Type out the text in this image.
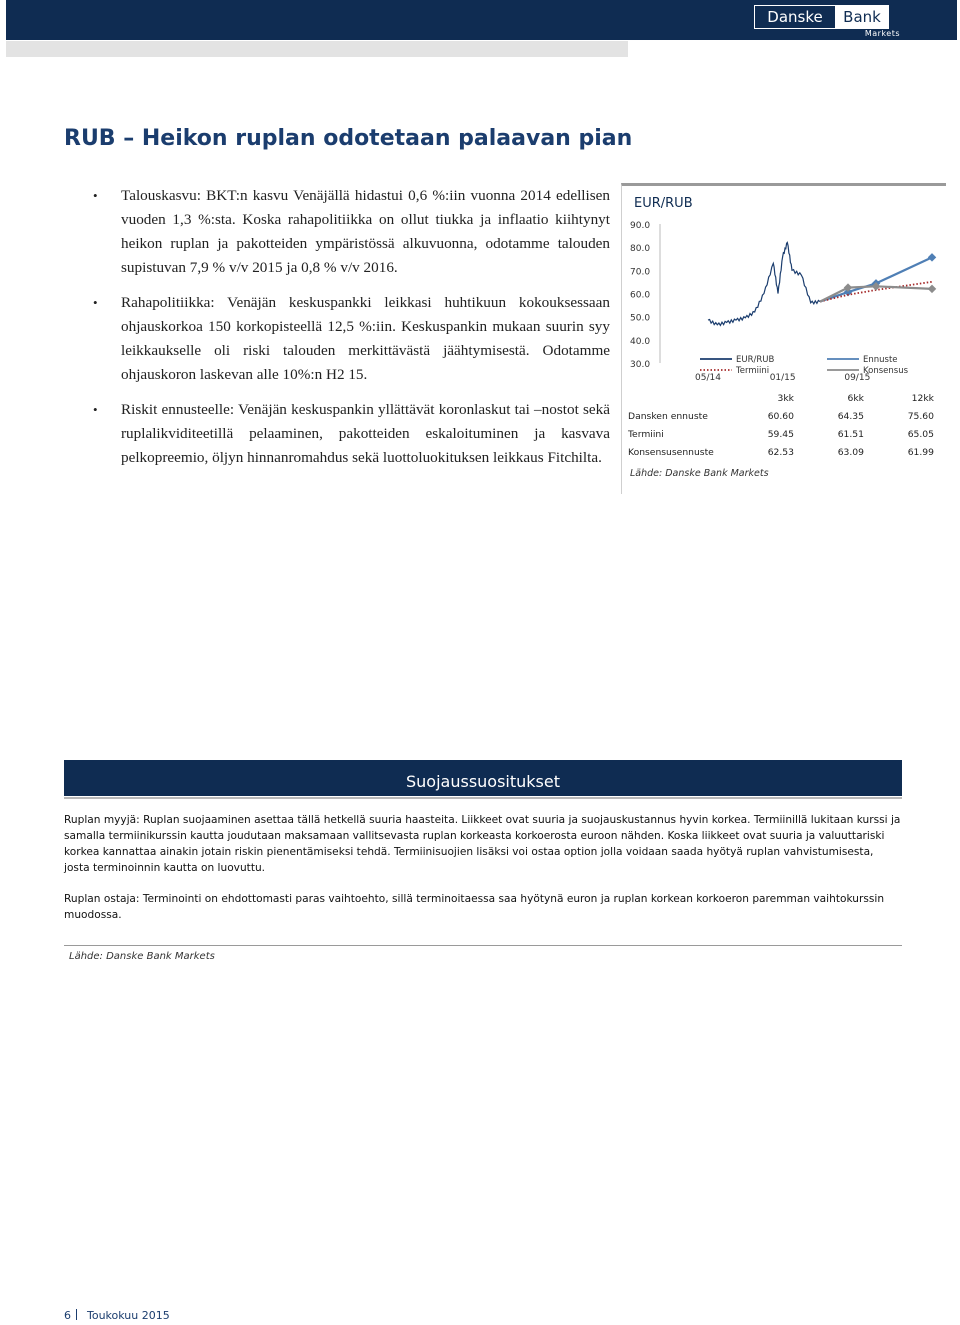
Danske	Bank
Markets
RUB – Heikon ruplan odotetaan palaavan pian
• Talouskasvu: BKT:n kasvu Venäjällä hidastui 0,6 %:iin vuonna 2014 edellisen vuoden 1,3 %:sta. Koska rahapolitiikka on ollut tiukka ja inflaatio kiihtynyt heikon ruplan ja pakotteiden ympäristössä alkuvuonna, odotamme talouden supistuvan 7,9 % v/v 2015 ja 0,8 % v/v 2016.
• Rahapolitiikka: Venäjän keskuspankki leikkasi huhtikuun kokouksessaan ohjauskorkoa 150 korkopisteellä 12,5 %:iin. Keskuspankin mukaan suurin syy leikkaukselle oli riski talouden merkittävästä jäähtymisestä. Odotamme ohjauskoron laskevan alle 10%:n H2 15.
• Riskit ennusteelle: Venäjän keskuspankin yllättävät koronlaskut tai –nostot sekä ruplalikviditeetillä pelaaminen, pakotteiden eskaloituminen ja kasvava pelkopreemio, öljyn hinnanromahdus sekä luottoluokituksen leikkaus Fitchilta.
EUR/RUB
90.0
80.0
70.0
60.0
50.0
40.0
30.0
05/14	01/15	09/15
EUR/RUB	Ennuste
Termiini	Konsensus
	3kk	6kk	12kk
Dansken ennuste	60.60	64.35	75.60
Termiini	59.45	61.51	65.05
Konsensusennuste	62.53	63.09	61.99
Lähde: Danske Bank Markets
Suojaussuositukset

Ruplan myyjä: Ruplan suojaaminen asettaa tällä hetkellä suuria haasteita. Liikkeet ovat suuria ja suojauskustannus hyvin korkea. Termiinillä lukitaan kurssi ja samalla termiinikurssin kautta joudutaan maksamaan vallitsevasta ruplan korkeasta korkoerosta euroon nähden. Koska liikkeet ovat suuria ja valuuttariski korkea kannattaa ainakin jotain riskin pienentämiseksi tehdä. Termiinisuojien lisäksi voi ostaa option jolla voidaan saada hyötyä ruplan vahvistumisesta, josta terminoinnin kautta on luovuttu.

Ruplan ostaja: Terminointi on ehdottomasti paras vaihtoehto, sillä terminoitaessa saa hyötynä euron ja ruplan korkean korkoeron paremman vaihtokurssin muodossa.

Lähde: Danske Bank Markets
6 Toukokuu 2015
